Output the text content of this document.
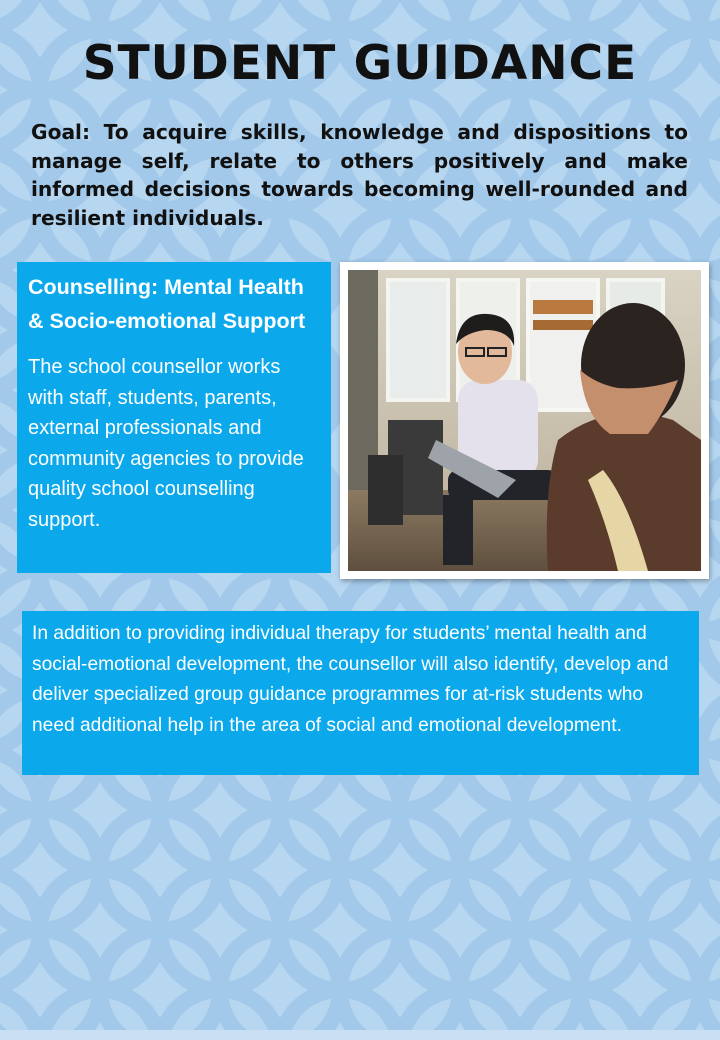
STUDENT GUIDANCE

Goal: To acquire skills, knowledge and dispositions to manage self, relate to others positively and make informed decisions towards becoming well-rounded and resilient individuals.

Counselling: Mental Health & Socio-emotional Support

The school counsellor works with staff, students, parents, external professionals and community agencies to provide quality school counselling support.

In addition to providing individual therapy for students’ mental health and social-emotional development, the counsellor will also identify, develop and deliver specialized group guidance programmes for at-risk students who need additional help in the area of social and emotional development.
